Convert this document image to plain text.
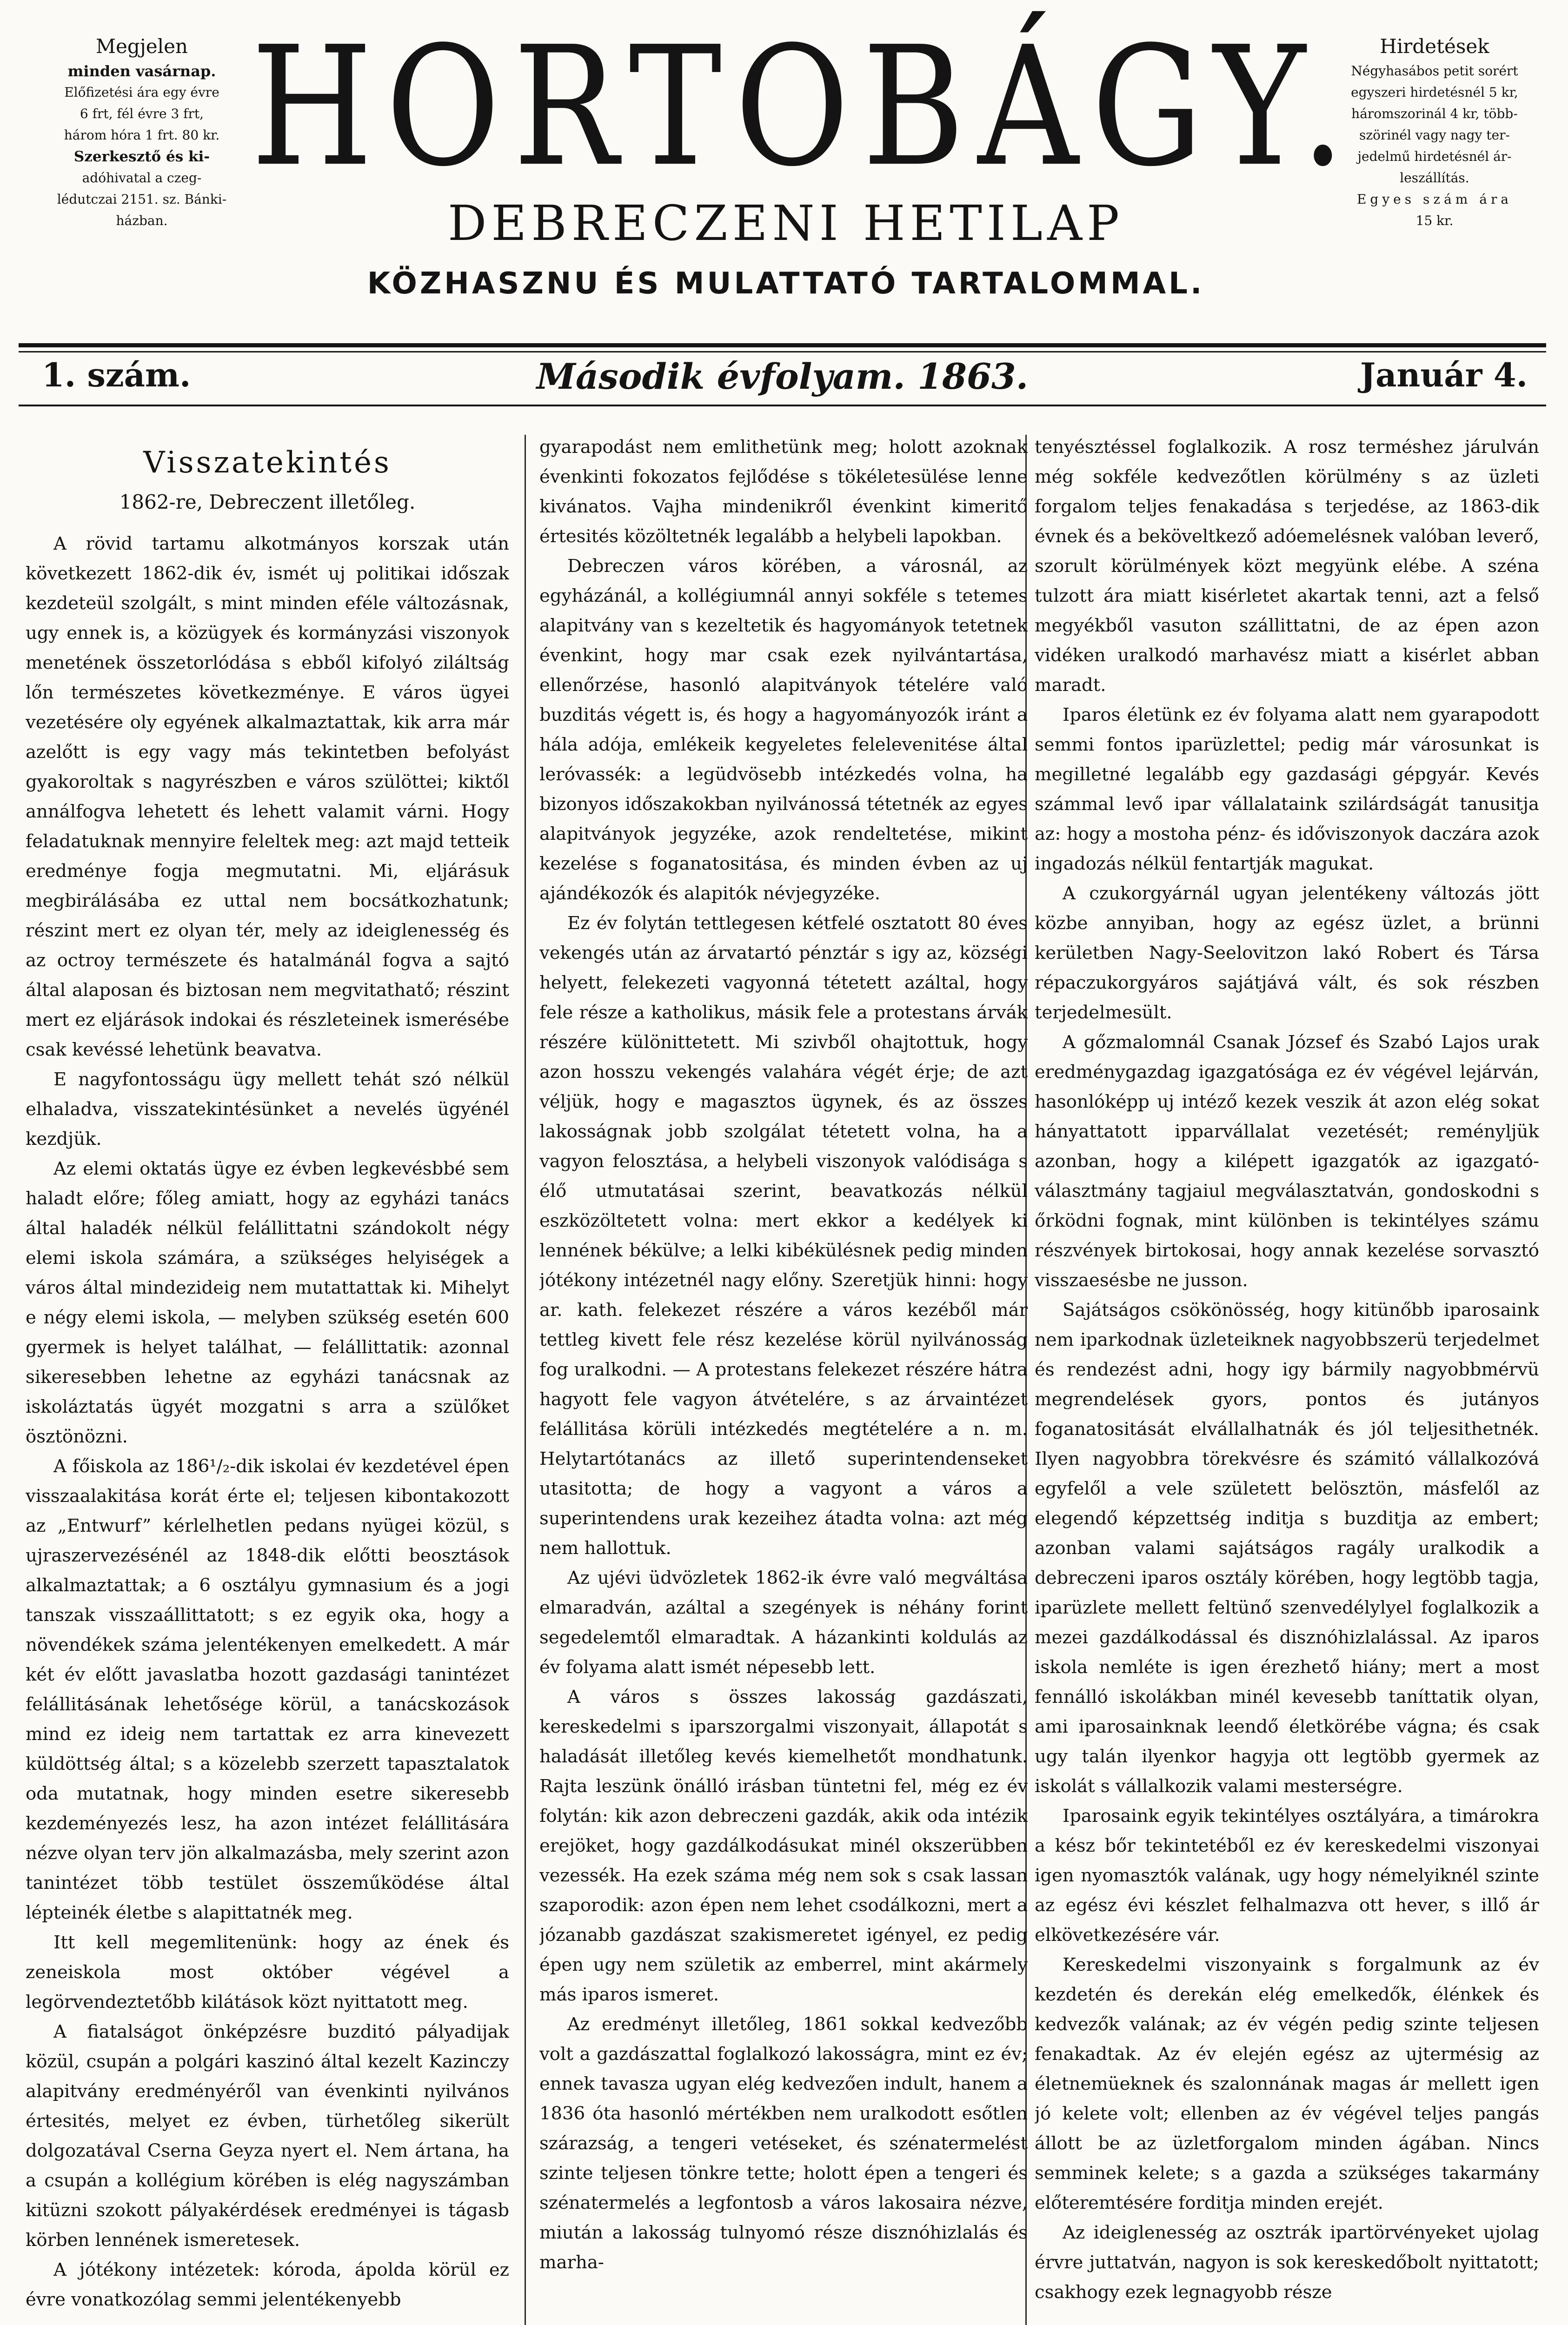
Megjelen
minden vasárnap.
Előfizetési ára egy évre
6 frt, fél évre 3 frt,
három hóra 1 frt. 80 kr.
Szerkesztő és ki-
adóhivatal a czeg-
lédutczai 2151. sz. Bánki-
házban.
HORTOBÁGY.
DEBRECZENI HETILAP
KÖZHASZNU ÉS MULATTATÓ TARTALOMMAL.
Hirdetések
Négyhasábos petit sorért
egyszeri hirdetésnél 5 kr,
háromszorinál 4 kr, több-
szörinél vagy nagy ter-
jedelmű hirdetésnél ár-
leszállítás.
Egyes szám ára
15 kr.
1. szám.	Második évfolyam. 1863.	Január 4.
Visszatekintés
1862-re, Debreczent illetőleg.

A rövid tartamu alkotmányos korszak után következett 1862-dik év, ismét uj politikai időszak kezdeteül szolgált, s mint minden eféle változásnak, ugy ennek is, a közügyek és kormányzási viszonyok menetének összetorlódása s ebből kifolyó ziláltság lőn természetes következménye. E város ügyei vezetésére oly egyének alkalmaztattak, kik arra már azelőtt is egy vagy más tekintetben befolyást gyakoroltak s nagyrészben e város szülöttei; kiktől annálfogva lehetett és lehett valamit várni. Hogy feladatuknak mennyire feleltek meg: azt majd tetteik eredménye fogja megmutatni. Mi, eljárásuk megbirálásába ez uttal nem bocsátkozhatunk; részint mert ez olyan tér, mely az ideiglenesség és az octroy természete és hatalmánál fogva a sajtó által alaposan és biztosan nem megvitathatő; részint mert ez eljárások indokai és részleteinek ismerésébe csak kevéssé lehetünk beavatva.

E nagyfontosságu ügy mellett tehát szó nélkül elhaladva, visszatekintésünket a nevelés ügyénél kezdjük.

Az elemi oktatás ügye ez évben legkevésbbé sem haladt előre; főleg amiatt, hogy az egyházi tanács által haladék nélkül felállittatni szándokolt négy elemi iskola számára, a szükséges helyiségek a város által mindezideig nem mutattattak ki. Mihelyt e négy elemi iskola, — melyben szükség esetén 600 gyermek is helyet találhat, — felállittatik: azonnal sikeresebben lehetne az egyházi tanácsnak az iskoláztatás ügyét mozgatni s arra a szülőket ösztönözni.

A főiskola az 186¹/₂-dik iskolai év kezdetével épen visszaalakitása korát érte el; teljesen kibontakozott az „Entwurf” kérlelhetlen pedans nyügei közül, s ujraszervezésénél az 1848-dik előtti beosztások alkalmaztattak; a 6 osztályu gymnasium és a jogi tanszak visszaállittatott; s ez egyik oka, hogy a növendékek száma jelentékenyen emelkedett. A már két év előtt javaslatba hozott gazdasági tanintézet felállitásának lehetősége körül, a tanácskozások mind ez ideig nem tartattak ez arra kinevezett küldöttség által; s a közelebb szerzett tapasztalatok oda mutatnak, hogy minden esetre sikeresebb kezdeményezés lesz, ha azon intézet felállitására nézve olyan terv jön alkalmazásba, mely szerint azon tanintézet több testület összeműködése által lépteinék életbe s alapittatnék meg.

Itt kell megemlitenünk: hogy az ének és zeneiskola most október végével a legörvendeztetőbb kilátások közt nyittatott meg.

A fiatalságot önképzésre buzditó pályadijak közül, csupán a polgári kaszinó által kezelt Kazinczy alapitvány eredményéről van évenkinti nyilvános értesités, melyet ez évben, türhetőleg sikerült dolgozatával Cserna Geyza nyert el. Nem ártana, ha a csupán a kollégium körében is elég nagyszámban kitüzni szokott pályakérdések eredményei is tágasb körben lennének ismeretesek.

A jótékony intézetek: kóroda, ápolda körül ez évre vonatkozólag semmi jelentékenyebb

gyarapodást nem emlithetünk meg; holott azoknak évenkinti fokozatos fejlődése s tökéletesülése lenne kivánatos. Vajha mindenikről évenkint kimeritő értesités közöltetnék legalább a helybeli lapokban.

Debreczen város körében, a városnál, az egyházánál, a kollégiumnál annyi sokféle s tetemes alapitvány van s kezeltetik és hagyományok tetetnek évenkint, hogy mar csak ezek nyilvántartása, ellenőrzése, hasonló alapitványok tételére való buzditás végett is, és hogy a hagyományozók iránt a hála adója, emlékeik kegyeletes felelevenitése által leróvassék: a legüdvösebb intézkedés volna, ha bizonyos időszakokban nyilvánossá tétetnék az egyes alapitványok jegyzéke, azok rendeltetése, mikint kezelése s foganatositása, és minden évben az uj ajándékozók és alapitók névjegyzéke.

Ez év folytán tettlegesen kétfelé osztatott 80 éves vekengés után az árvatartó pénztár s igy az, községi helyett, felekezeti vagyonná tétetett azáltal, hogy fele része a katholikus, másik fele a protestans árvák részére különittetett. Mi szivből ohajtottuk, hogy azon hosszu vekengés valahára végét érje; de azt véljük, hogy e magasztos ügynek, és az összes lakosságnak jobb szolgálat tétetett volna, ha a vagyon felosztása, a helybeli viszonyok valódisága s élő utmutatásai szerint, beavatkozás nélkül eszközöltetett volna: mert ekkor a kedélyek ki lennének békülve; a lelki kibékülésnek pedig minden jótékony intézetnél nagy előny. Szeretjük hinni: hogy ar. kath. felekezet részére a város kezéből már tettleg kivett fele rész kezelése körül nyilvánosság fog uralkodni. — A protestans felekezet részére hátra hagyott fele vagyon átvételére, s az árvaintézet felállitása körüli intézkedés megtételére a n. m. Helytartótanács az illető superintendenseket utasitotta; de hogy a vagyont a város a superintendens urak kezeihez átadta volna: azt még nem hallottuk.

Az ujévi üdvözletek 1862-ik évre való megváltása elmaradván, azáltal a szegények is néhány forint segedelemtől elmaradtak. A házankinti koldulás az év folyama alatt ismét népesebb lett.

A város s összes lakosság gazdászati, kereskedelmi s iparszorgalmi viszonyait, állapotát s haladását illetőleg kevés kiemelhetőt mondhatunk. Rajta leszünk önálló irásban tüntetni fel, még ez év folytán: kik azon debreczeni gazdák, akik oda intézik erejöket, hogy gazdálkodásukat minél okszerübben vezessék. Ha ezek száma még nem sok s csak lassan szaporodik: azon épen nem lehet csodálkozni, mert a józanabb gazdászat szakismeretet igényel, ez pedig épen ugy nem születik az emberrel, mint akármely más iparos ismeret.

Az eredményt illetőleg, 1861 sokkal kedvezőbb volt a gazdászattal foglalkozó lakosságra, mint ez év; ennek tavasza ugyan elég kedvezően indult, hanem a 1836 óta hasonló mértékben nem uralkodott esőtlen szárazság, a tengeri vetéseket, és szénatermelést szinte teljesen tönkre tette; holott épen a tengeri és szénatermelés a legfontosb a város lakosaira nézve, miután a lakosság tulnyomó része disznóhizlalás és marha-

tenyésztéssel foglalkozik. A rosz terméshez járulván még sokféle kedvezőtlen körülmény s az üzleti forgalom teljes fenakadása s terjedése, az 1863-dik évnek és a beköveltkező adóemelésnek valóban leverő, szorult körülmények közt megyünk elébe. A széna tulzott ára miatt kisérletet akartak tenni, azt a felső megyékből vasuton szállittatni, de az épen azon vidéken uralkodó marhavész miatt a kisérlet abban maradt.

Iparos életünk ez év folyama alatt nem gyarapodott semmi fontos iparüzlettel; pedig már városunkat is megilletné legalább egy gazdasági gépgyár. Kevés számmal levő ipar vállalataink szilárdságát tanusitja az: hogy a mostoha pénz- és időviszonyok daczára azok ingadozás nélkül fentartják magukat.

A czukorgyárnál ugyan jelentékeny változás jött közbe annyiban, hogy az egész üzlet, a brünni kerületben Nagy-Seelovitzon lakó Robert és Társa répaczukorgyáros sajátjává vált, és sok részben terjedelmesült.

A gőzmalomnál Csanak József és Szabó Lajos urak eredménygazdag igazgatósága ez év végével lejárván, hasonlóképp uj intéző kezek veszik át azon elég sokat hányattatott ipparvállalat vezetését; reményljük azonban, hogy a kilépett igazgatók az igazgató-választmány tagjaiul megválasztatván, gondoskodni s őrködni fognak, mint különben is tekintélyes számu részvények birtokosai, hogy annak kezelése sorvasztó visszaesésbe ne jusson.

Sajátságos csökönösség, hogy kitünőbb iparosaink nem iparkodnak üzleteiknek nagyobbszerü terjedelmet és rendezést adni, hogy igy bármily nagyobbmérvü megrendelések gyors, pontos és jutányos foganatositását elvállalhatnák és jól teljesithetnék. Ilyen nagyobbra törekvésre és számitó vállalkozóvá egyfelől a vele született belösztön, másfelől az elegendő képzettség inditja s buzditja az embert; azonban valami sajátságos ragály uralkodik a debreczeni iparos osztály körében, hogy legtöbb tagja, iparüzlete mellett feltünő szenvedélylyel foglalkozik a mezei gazdálkodással és disznóhizlalással. Az iparos iskola nemléte is igen érezhető hiány; mert a most fennálló iskolákban minél kevesebb taníttatik olyan, ami iparosainknak leendő életkörébe vágna; és csak ugy talán ilyenkor hagyja ott legtöbb gyermek az iskolát s vállalkozik valami mesterségre.

Iparosaink egyik tekintélyes osztályára, a timárokra a kész bőr tekintetéből ez év kereskedelmi viszonyai igen nyomasztók valának, ugy hogy némelyiknél szinte az egész évi készlet felhalmazva ott hever, s illő ár elkövetkezésére vár.

Kereskedelmi viszonyaink s forgalmunk az év kezdetén és derekán elég emelkedők, élénkek és kedvezők valának; az év végén pedig szinte teljesen fenakadtak. Az év elején egész az ujtermésig az életnemüeknek és szalonnának magas ár mellett igen jó kelete volt; ellenben az év végével teljes pangás állott be az üzletforgalom minden ágában. Nincs semminek kelete; s a gazda a szükséges takarmány előteremtésére forditja minden erejét.

Az ideiglenesség az osztrák ipartörvényeket ujolag érvre juttatván, nagyon is sok kereskedőbolt nyittatott; csakhogy ezek legnagyobb része
